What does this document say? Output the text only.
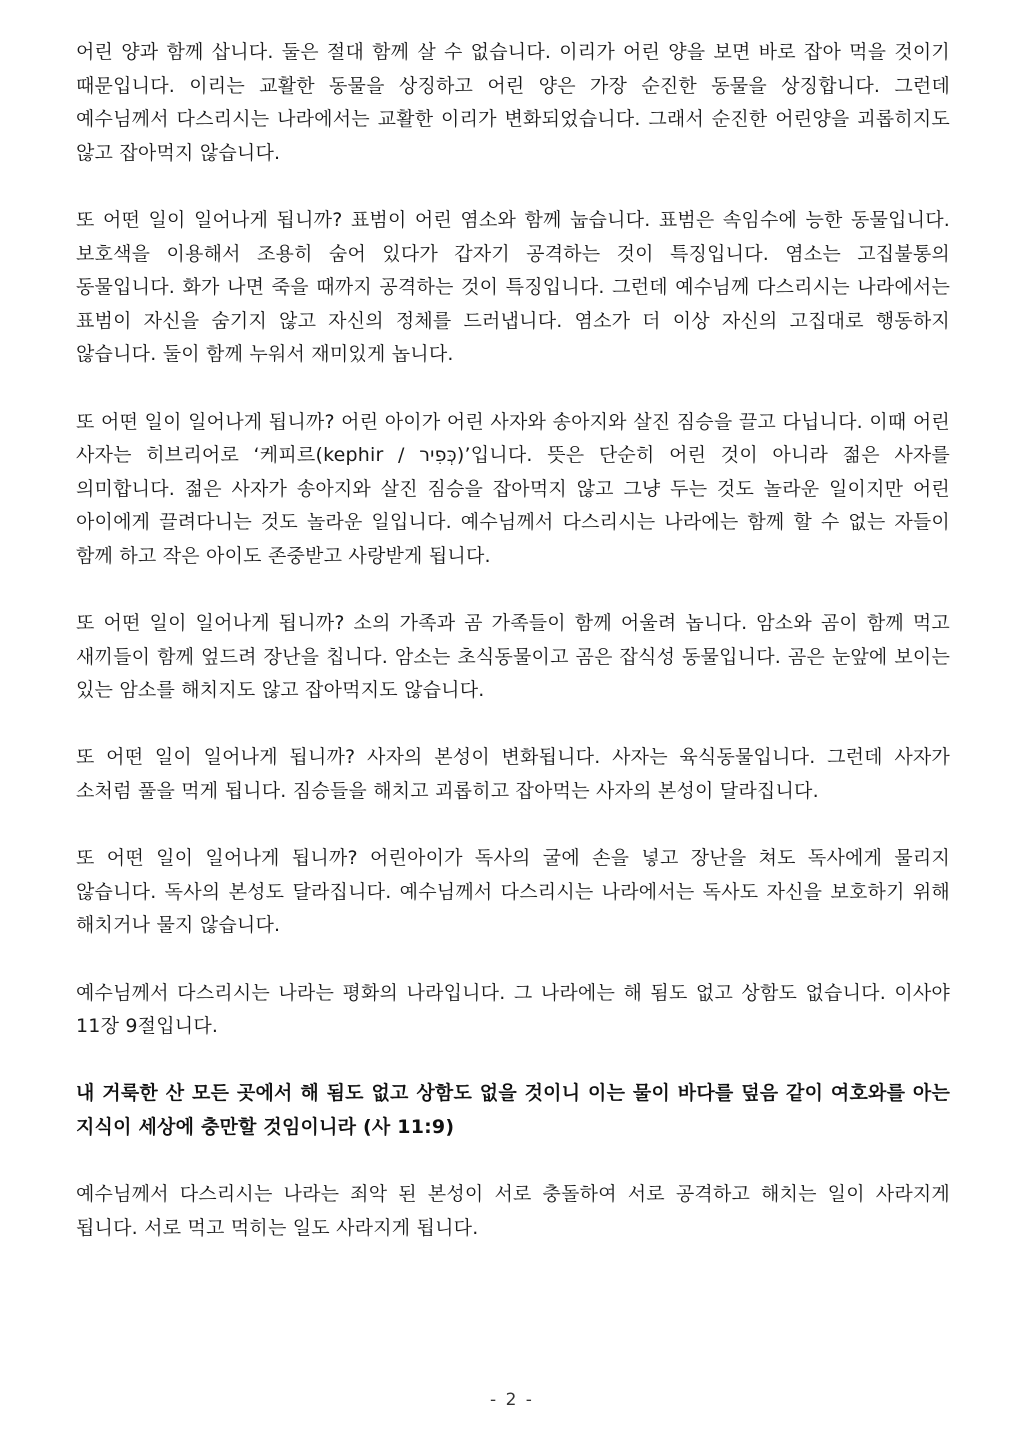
어린 양과 함께 삽니다. 둘은 절대 함께 살 수 없습니다. 이리가 어린 양을 보면 바로 잡아 먹을 것이기 때문입니다. 이리는 교활한 동물을 상징하고 어린 양은 가장 순진한 동물을 상징합니다. 그런데 예수님께서 다스리시는 나라에서는 교활한 이리가 변화되었습니다. 그래서 순진한 어린양을 괴롭히지도 않고 잡아먹지 않습니다.

또 어떤 일이 일어나게 됩니까? 표범이 어린 염소와 함께 눕습니다. 표범은 속임수에 능한 동물입니다. 보호색을 이용해서 조용히 숨어 있다가 갑자기 공격하는 것이 특징입니다. 염소는 고집불통의 동물입니다. 화가 나면 죽을 때까지 공격하는 것이 특징입니다. 그런데 예수님께 다스리시는 나라에서는 표범이 자신을 숨기지 않고 자신의 정체를 드러냅니다. 염소가 더 이상 자신의 고집대로 행동하지 않습니다. 둘이 함께 누워서 재미있게 놉니다.

또 어떤 일이 일어나게 됩니까? 어린 아이가 어린 사자와 송아지와 살진 짐승을 끌고 다닙니다. 이때 어린 사자는 히브리어로 ‘케피르(kephir / כְּפִיר)’입니다. 뜻은 단순히 어린 것이 아니라 젊은 사자를 의미합니다. 젊은 사자가 송아지와 살진 짐승을 잡아먹지 않고 그냥 두는 것도 놀라운 일이지만 어린 아이에게 끌려다니는 것도 놀라운 일입니다. 예수님께서 다스리시는 나라에는 함께 할 수 없는 자들이 함께 하고 작은 아이도 존중받고 사랑받게 됩니다.

또 어떤 일이 일어나게 됩니까? 소의 가족과 곰 가족들이 함께 어울려 놉니다. 암소와 곰이 함께 먹고 새끼들이 함께 엎드려 장난을 칩니다. 암소는 초식동물이고 곰은 잡식성 동물입니다. 곰은 눈앞에 보이는 있는 암소를 해치지도 않고 잡아먹지도 않습니다.

또 어떤 일이 일어나게 됩니까? 사자의 본성이 변화됩니다. 사자는 육식동물입니다. 그런데 사자가 소처럼 풀을 먹게 됩니다. 짐승들을 해치고 괴롭히고 잡아먹는 사자의 본성이 달라집니다.

또 어떤 일이 일어나게 됩니까? 어린아이가 독사의 굴에 손을 넣고 장난을 쳐도 독사에게 물리지 않습니다. 독사의 본성도 달라집니다. 예수님께서 다스리시는 나라에서는 독사도 자신을 보호하기 위해 해치거나 물지 않습니다.

예수님께서 다스리시는 나라는 평화의 나라입니다. 그 나라에는 해 됨도 없고 상함도 없습니다. 이사야 11장 9절입니다.

내 거룩한 산 모든 곳에서 해 됨도 없고 상함도 없을 것이니 이는 물이 바다를 덮음 같이 여호와를 아는 지식이 세상에 충만할 것임이니라 (사 11:9)

예수님께서 다스리시는 나라는 죄악 된 본성이 서로 충돌하여 서로 공격하고 해치는 일이 사라지게 됩니다. 서로 먹고 먹히는 일도 사라지게 됩니다.

- 2 -
